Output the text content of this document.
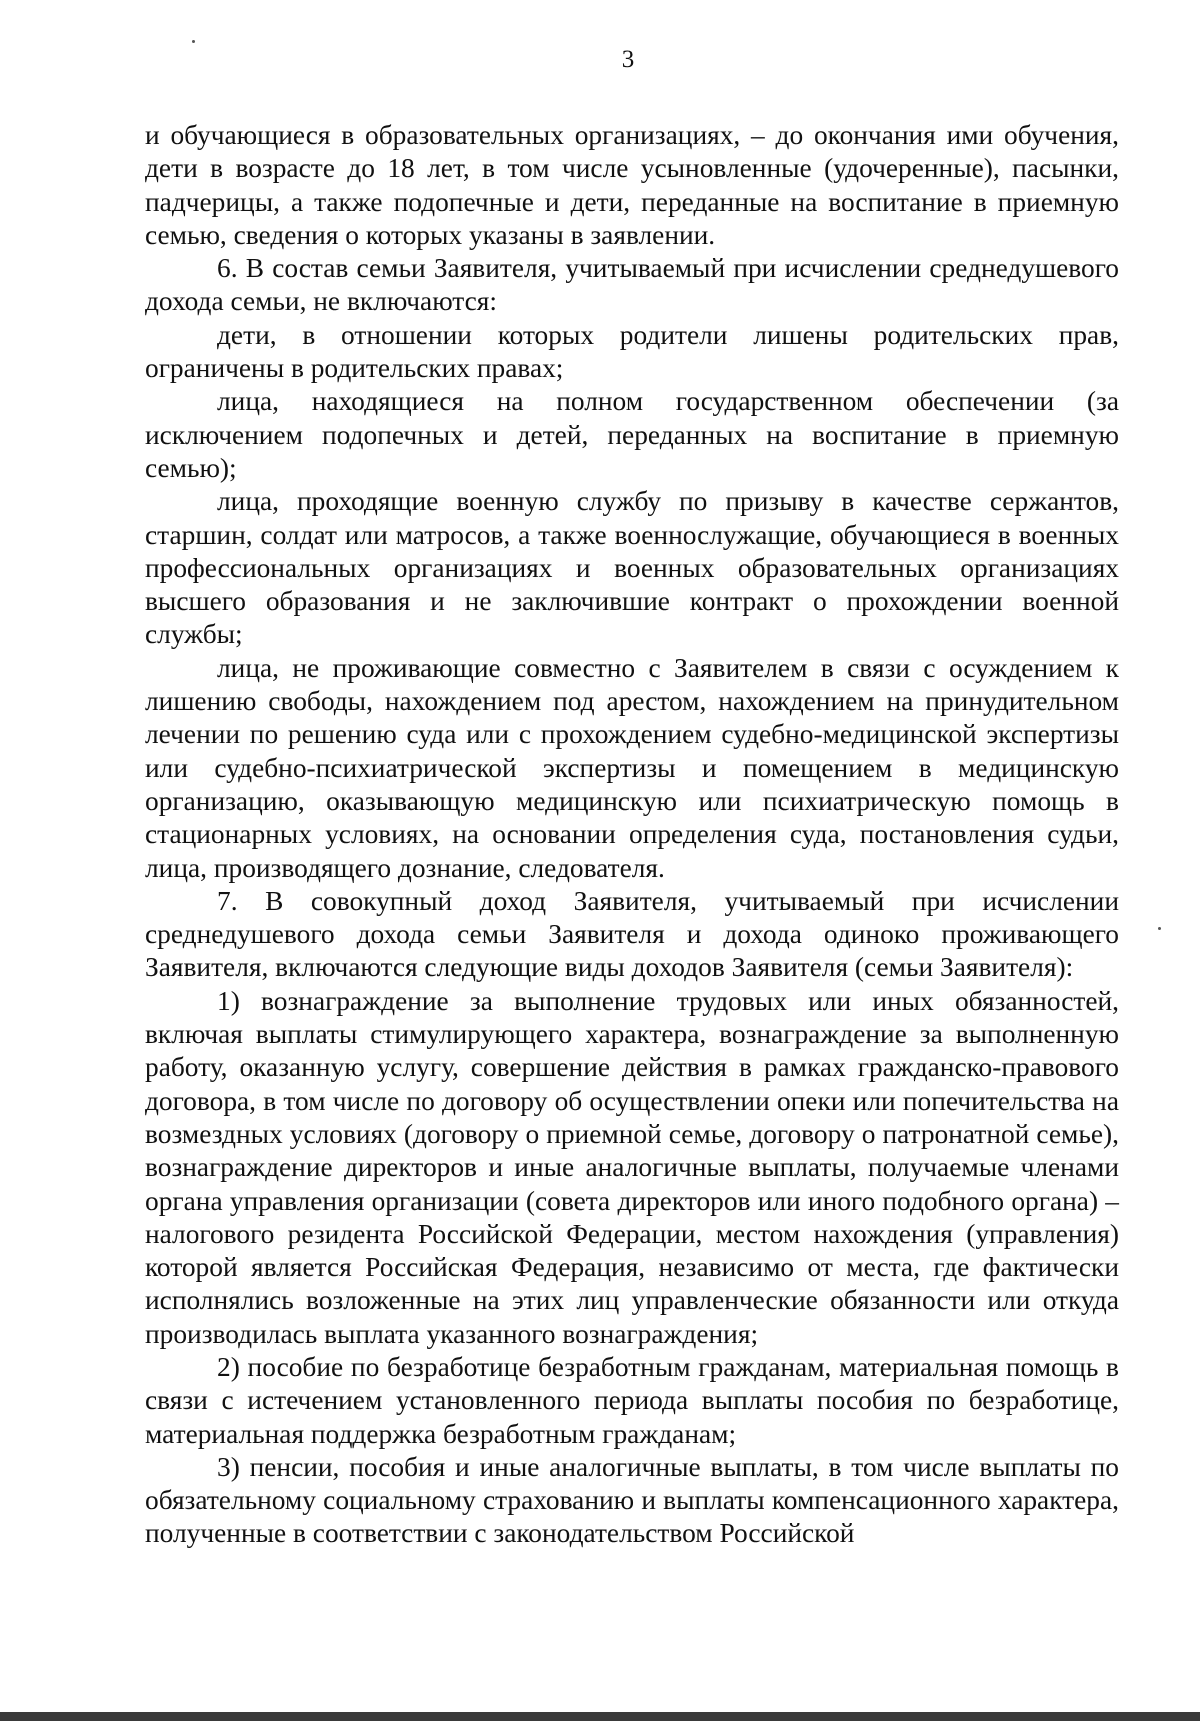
3

и обучающиеся в образовательных организациях, – до окончания ими обучения, дети в возрасте до 18 лет, в том числе усыновленные (удочеренные), пасынки, падчерицы, а также подопечные и дети, переданные на воспитание в приемную семью, сведения о которых указаны в заявлении.

6. В состав семьи Заявителя, учитываемый при исчислении среднедушевого дохода семьи, не включаются:

дети, в отношении которых родители лишены родительских прав, ограничены в родительских правах;

лица, находящиеся на полном государственном обеспечении (за исключением подопечных и детей, переданных на воспитание в приемную семью);

лица, проходящие военную службу по призыву в качестве сержантов, старшин, солдат или матросов, а также военнослужащие, обучающиеся в военных профессиональных организациях и военных образовательных организациях высшего образования и не заключившие контракт о прохождении военной службы;

лица, не проживающие совместно с Заявителем в связи с осуждением к лишению свободы, нахождением под арестом, нахождением на принудительном лечении по решению суда или с прохождением судебно-медицинской экспертизы или судебно-психиатрической экспертизы и помещением в медицинскую организацию, оказывающую медицинскую или психиатрическую помощь в стационарных условиях, на основании определения суда, постановления судьи, лица, производящего дознание, следователя.

7. В совокупный доход Заявителя, учитываемый при исчислении среднедушевого дохода семьи Заявителя и дохода одиноко проживающего Заявителя, включаются следующие виды доходов Заявителя (семьи Заявителя):

1) вознаграждение за выполнение трудовых или иных обязанностей, включая выплаты стимулирующего характера, вознаграждение за выполненную работу, оказанную услугу, совершение действия в рамках гражданско-правового договора, в том числе по договору об осуществлении опеки или попечительства на возмездных условиях (договору о приемной семье, договору о патронатной семье), вознаграждение директоров и иные аналогичные выплаты, получаемые членами органа управления организации (совета директоров или иного подобного органа) – налогового резидента Российской Федерации, местом нахождения (управления) которой является Российская Федерация, независимо от места, где фактически исполнялись возложенные на этих лиц управленческие обязанности или откуда производилась выплата указанного вознаграждения;

2) пособие по безработице безработным гражданам, материальная помощь в связи с истечением установленного периода выплаты пособия по безработице, материальная поддержка безработным гражданам;

3) пенсии, пособия и иные аналогичные выплаты, в том числе выплаты по обязательному социальному страхованию и выплаты компенсационного характера, полученные в соответствии с законодательством Российской
